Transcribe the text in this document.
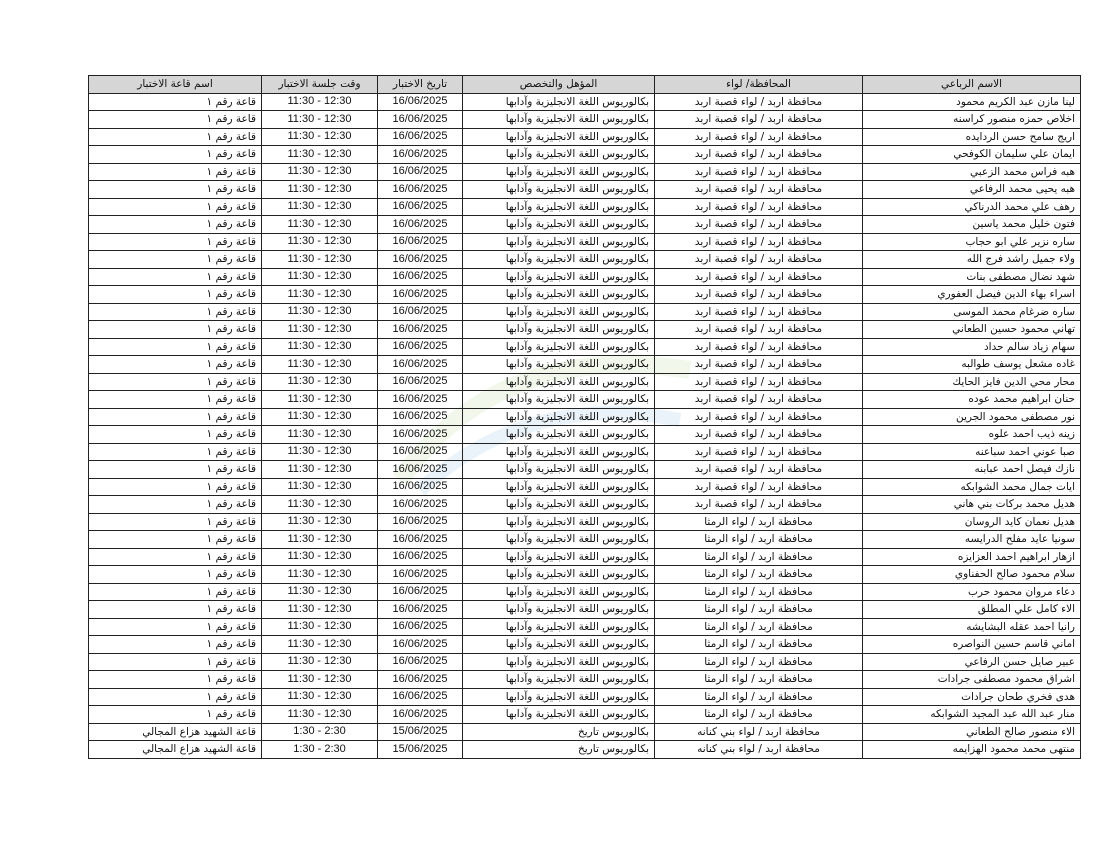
الاسم الرباعي	المحافظة/ لواء	المؤهل والتخصص	تاريخ الاختبار	وقت جلسة الاختبار	اسم قاعة الاختبار
لينا مازن عبد الكريم محمود	محافظة اربد / لواء قصبة اربد	بكالوريوس اللغة الانجليزية وآدابها	16/06/2025	11:30 - 12:30	قاعة رقم ١
اخلاص حمزه منصور كراسنه	محافظة اربد / لواء قصبة اربد	بكالوريوس اللغة الانجليزية وآدابها	16/06/2025	11:30 - 12:30	قاعة رقم ١
اريج سامح حسن الردايده	محافظة اربد / لواء قصبة اربد	بكالوريوس اللغة الانجليزية وآدابها	16/06/2025	11:30 - 12:30	قاعة رقم ١
ايمان علي سليمان الكوفحي	محافظة اربد / لواء قصبة اربد	بكالوريوس اللغة الانجليزية وآدابها	16/06/2025	11:30 - 12:30	قاعة رقم ١
هبه فراس محمد الزعبي	محافظة اربد / لواء قصبة اربد	بكالوريوس اللغة الانجليزية وآدابها	16/06/2025	11:30 - 12:30	قاعة رقم ١
هبه يحيى محمد الرفاعي	محافظة اربد / لواء قصبة اربد	بكالوريوس اللغة الانجليزية وآدابها	16/06/2025	11:30 - 12:30	قاعة رقم ١
رهف علي محمد الدرناكي	محافظة اربد / لواء قصبة اربد	بكالوريوس اللغة الانجليزية وآدابها	16/06/2025	11:30 - 12:30	قاعة رقم ١
فتون خليل محمد ياسين	محافظة اربد / لواء قصبة اربد	بكالوريوس اللغة الانجليزية وآدابها	16/06/2025	11:30 - 12:30	قاعة رقم ١
ساره نزير علي ابو حجاب	محافظة اربد / لواء قصبة اربد	بكالوريوس اللغة الانجليزية وآدابها	16/06/2025	11:30 - 12:30	قاعة رقم ١
ولاء جميل راشد فرج الله	محافظة اربد / لواء قصبة اربد	بكالوريوس اللغة الانجليزية وآدابها	16/06/2025	11:30 - 12:30	قاعة رقم ١
شهد نضال مصطفى بنات	محافظة اربد / لواء قصبة اربد	بكالوريوس اللغة الانجليزية وآدابها	16/06/2025	11:30 - 12:30	قاعة رقم ١
اسراء بهاء الدين فيصل العفوري	محافظة اربد / لواء قصبة اربد	بكالوريوس اللغة الانجليزية وآدابها	16/06/2025	11:30 - 12:30	قاعة رقم ١
ساره ضرغام محمد الموسى	محافظة اربد / لواء قصبة اربد	بكالوريوس اللغة الانجليزية وآدابها	16/06/2025	11:30 - 12:30	قاعة رقم ١
تهاني محمود حسين الطعاني	محافظة اربد / لواء قصبة اربد	بكالوريوس اللغة الانجليزية وآدابها	16/06/2025	11:30 - 12:30	قاعة رقم ١
سهام زياد سالم حداد	محافظة اربد / لواء قصبة اربد	بكالوريوس اللغة الانجليزية وآدابها	16/06/2025	11:30 - 12:30	قاعة رقم ١
غاده مشعل يوسف طوالبه	محافظة اربد / لواء قصبة اربد	بكالوريوس اللغة الانجليزية وآدابها	16/06/2025	11:30 - 12:30	قاعة رقم ١
محار محي الدين فايز الحايك	محافظة اربد / لواء قصبة اربد	بكالوريوس اللغة الانجليزية وآدابها	16/06/2025	11:30 - 12:30	قاعة رقم ١
حنان ابراهيم محمد عوده	محافظة اربد / لواء قصبة اربد	بكالوريوس اللغة الانجليزية وآدابها	16/06/2025	11:30 - 12:30	قاعة رقم ١
نور مصطفى محمود الجرين	محافظة اربد / لواء قصبة اربد	بكالوريوس اللغة الانجليزية وآدابها	16/06/2025	11:30 - 12:30	قاعة رقم ١
زينه ذيب احمد علوه	محافظة اربد / لواء قصبة اربد	بكالوريوس اللغة الانجليزية وآدابها	16/06/2025	11:30 - 12:30	قاعة رقم ١
صبا عوني احمد سباعنه	محافظة اربد / لواء قصبة اربد	بكالوريوس اللغة الانجليزية وآدابها	16/06/2025	11:30 - 12:30	قاعة رقم ١
نازك فيصل احمد عبابنه	محافظة اربد / لواء قصبة اربد	بكالوريوس اللغة الانجليزية وآدابها	16/06/2025	11:30 - 12:30	قاعة رقم ١
ايات جمال محمد الشوابكه	محافظة اربد / لواء قصبة اربد	بكالوريوس اللغة الانجليزية وآدابها	16/06/2025	11:30 - 12:30	قاعة رقم ١
هديل محمد بركات بني هاني	محافظة اربد / لواء قصبة اربد	بكالوريوس اللغة الانجليزية وآدابها	16/06/2025	11:30 - 12:30	قاعة رقم ١
هديل نعمان كايد الروسان	محافظة اربد / لواء الرمثا	بكالوريوس اللغة الانجليزية وآدابها	16/06/2025	11:30 - 12:30	قاعة رقم ١
سونيا عايد مفلح الدرايسه	محافظة اربد / لواء الرمثا	بكالوريوس اللغة الانجليزية وآدابها	16/06/2025	11:30 - 12:30	قاعة رقم ١
ازهار ابراهيم احمد العزايزه	محافظة اربد / لواء الرمثا	بكالوريوس اللغة الانجليزية وآدابها	16/06/2025	11:30 - 12:30	قاعة رقم ١
سلام محمود صالح الحفناوي	محافظة اربد / لواء الرمثا	بكالوريوس اللغة الانجليزية وآدابها	16/06/2025	11:30 - 12:30	قاعة رقم ١
دعاء مروان محمود حرب	محافظة اربد / لواء الرمثا	بكالوريوس اللغة الانجليزية وآدابها	16/06/2025	11:30 - 12:30	قاعة رقم ١
الاء كامل علي المطلق	محافظة اربد / لواء الرمثا	بكالوريوس اللغة الانجليزية وآدابها	16/06/2025	11:30 - 12:30	قاعة رقم ١
رانيا احمد عقله البشايشه	محافظة اربد / لواء الرمثا	بكالوريوس اللغة الانجليزية وآدابها	16/06/2025	11:30 - 12:30	قاعة رقم ١
اماني قاسم حسين النواصره	محافظة اربد / لواء الرمثا	بكالوريوس اللغة الانجليزية وآدابها	16/06/2025	11:30 - 12:30	قاعة رقم ١
عبير صايل حسن الرفاعي	محافظة اربد / لواء الرمثا	بكالوريوس اللغة الانجليزية وآدابها	16/06/2025	11:30 - 12:30	قاعة رقم ١
اشراق محمود مصطفى جرادات	محافظة اربد / لواء الرمثا	بكالوريوس اللغة الانجليزية وآدابها	16/06/2025	11:30 - 12:30	قاعة رقم ١
هدى فخري طحان جرادات	محافظة اربد / لواء الرمثا	بكالوريوس اللغة الانجليزية وآدابها	16/06/2025	11:30 - 12:30	قاعة رقم ١
منار عبد الله عبد المجيد الشوابكه	محافظة اربد / لواء الرمثا	بكالوريوس اللغة الانجليزية وآدابها	16/06/2025	11:30 - 12:30	قاعة رقم ١
الاء منصور صالح الطعاني	محافظة اربد / لواء بني كنانه	بكالوريوس تاريخ	15/06/2025	1:30 - 2:30	قاعة الشهيد هزاع المجالي
منتهى محمد محمود الهزايمه	محافظة اربد / لواء بني كنانه	بكالوريوس تاريخ	15/06/2025	1:30 - 2:30	قاعة الشهيد هزاع المجالي
